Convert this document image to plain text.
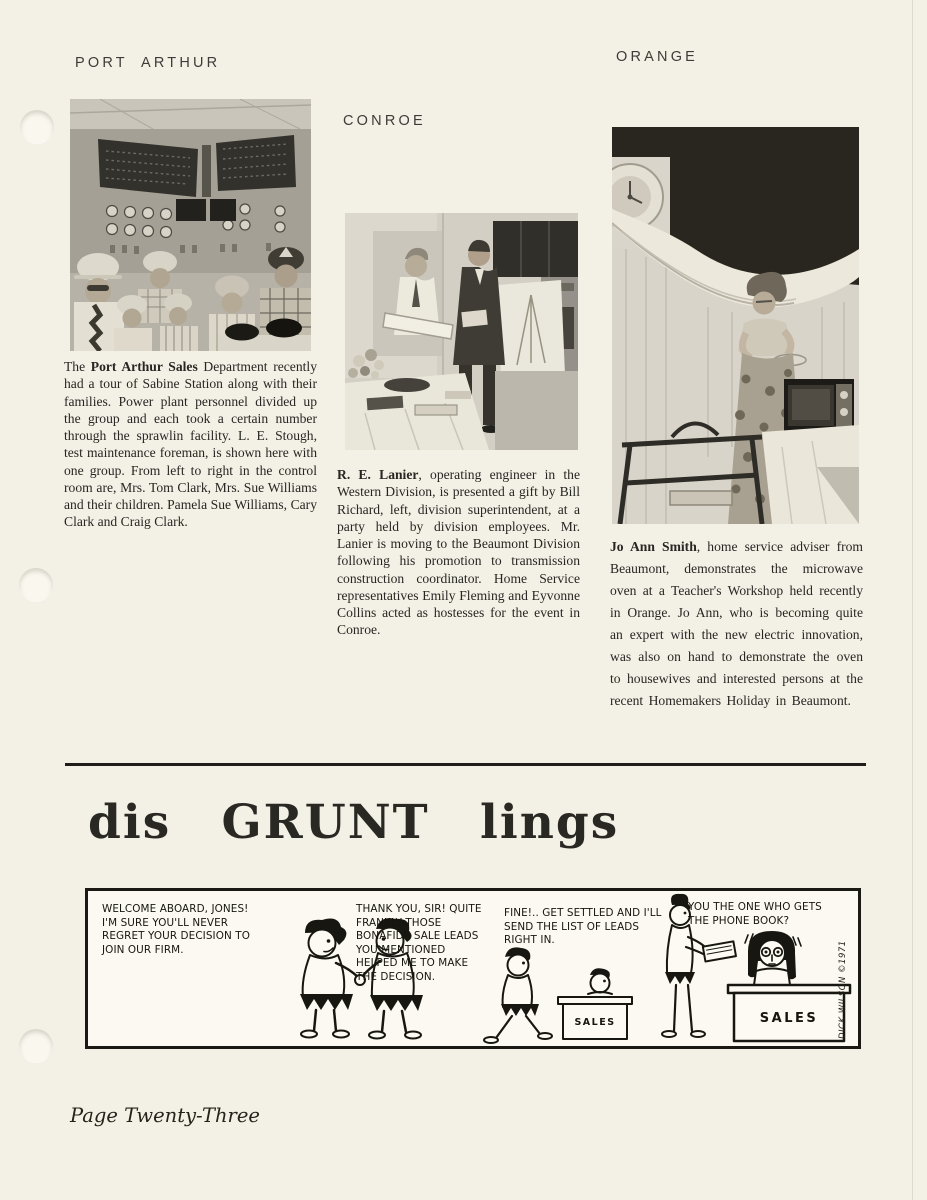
PORT ARTHUR

The Port Arthur Sales Department recently had a tour of Sabine Station along with their families. Power plant personnel divided up the group and each took a certain number through the sprawlin facility. L. E. Stough, test maintenance foreman, is shown here with one group. From left to right in the control room are, Mrs. Tom Clark, Mrs. Sue Williams and their children. Pamela Sue Williams, Cary Clark and Craig Clark.

CONROE

R. E. Lanier, operating engineer in the Western Division, is presented a gift by Bill Richard, left, division superintendent, at a party held by division employees. Mr. Lanier is moving to the Beaumont Division following his promotion to transmission construction coordinator. Home Service representatives Emily Fleming and Eyvonne Collins acted as hostesses for the event in Conroe.

ORANGE

Jo Ann Smith, home service adviser from Beaumont, demonstrates the microwave oven at a Teacher's Workshop held recently in Orange. Jo Ann, who is becoming quite an expert with the new electric innovation, was also on hand to demonstrate the oven to housewives and interested persons at the recent Homemakers Holiday in Beaumont.

dis GRUNT lings
SALES	SALES DICK WILSON ©1971
WELCOME ABOARD, JONES! I'M SURE YOU'LL NEVER REGRET YOUR DECISION TO JOIN OUR FIRM.
THANK YOU, SIR! QUITE FRANKLY THOSE BONAFIDE SALE LEADS YOU MENTIONED HELPED ME TO MAKE THE DECISION.
FINE!.. GET SETTLED AND I'LL SEND THE LIST OF LEADS RIGHT IN.
YOU THE ONE WHO GETS THE PHONE BOOK?

Page Twenty-Three
